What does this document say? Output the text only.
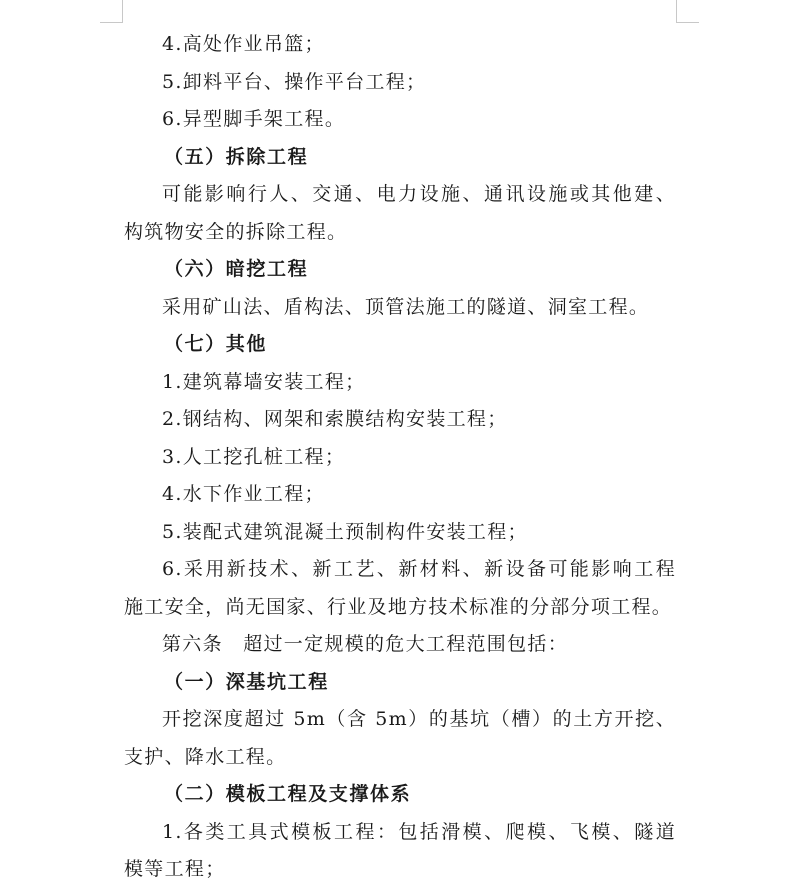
4.高处作业吊篮；
5.卸料平台、操作平台工程；
6.异型脚手架工程。
（五）拆除工程
可能影响行人、交通、电力设施、通讯设施或其他建、
构筑物安全的拆除工程。
（六）暗挖工程
采用矿山法、盾构法、顶管法施工的隧道、洞室工程。
（七）其他
1.建筑幕墙安装工程；
2.钢结构、网架和索膜结构安装工程；
3.人工挖孔桩工程；
4.水下作业工程；
5.装配式建筑混凝土预制构件安装工程；
6.采用新技术、新工艺、新材料、新设备可能影响工程
施工安全，尚无国家、行业及地方技术标准的分部分项工程。
第六条　超过一定规模的危大工程范围包括：
（一）深基坑工程
开挖深度超过 5m（含 5m）的基坑（槽）的土方开挖、
支护、降水工程。
（二）模板工程及支撑体系
1.各类工具式模板工程：包括滑模、爬模、飞模、隧道
模等工程；
